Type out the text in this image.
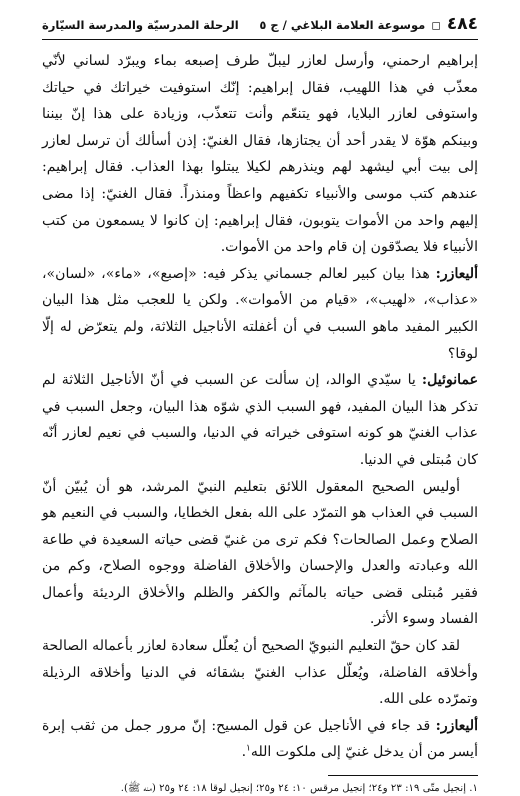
٤٨٤
◻
موسوعة العلامة البلاغي / ج ٥
الرحلة المدرسيّة والمدرسة السيّارة

إبراهيم ارحمني، وأرسل لعازر ليبلّ طرف إصبعه بماء ويبرّد لساني لأنّي معذّب في هذا اللهيب، فقال إبراهيم: إنّك استوفيت خيراتك في حياتك واستوفى لعازر البلايا، فهو يتنعّم وأنت تتعذّب، وزيادة على هذا إنّ بيننا وبينكم هوّة لا يقدر أحد أن يجتازها، فقال الغنيّ: إذن أسألك أن ترسل لعازر إلى بيت أبي ليشهد لهم وينذرهم لكيلا يبتلوا بهذا العذاب. فقال إبراهيم: عندهم كتب موسى والأنبياء تكفيهم واعظاً ومنذراً. فقال الغنيّ: إذا مضى إليهم واحد من الأموات يتوبون، فقال إبراهيم: إن كانوا لا يسمعون من كتب الأنبياء فلا يصدّقون إن قام واحد من الأموات.

أليعازر: هذا بيان كبير لعالم جسماني يذكر فيه: «إصبع»، «ماء»، «لسان»، «عذاب»، «لهيب»، «قيام من الأموات». ولكن يا للعجب مثل هذا البيان الكبير المفيد ماهو السبب في أن أغفلته الأناجيل الثلاثة، ولم يتعرّض له إلّا لوقا؟

عمانوئيل: يا سيّدي الوالد، إن سألت عن السبب في أنّ الأناجيل الثلاثة لم تذكر هذا البيان المفيد، فهو السبب الذي شوّه هذا البيان، وجعل السبب في عذاب الغنيّ هو كونه استوفى خيراته في الدنيا، والسبب في نعيم لعازر أنّه كان مُبتلى في الدنيا.

أوليس الصحيح المعقول اللائق بتعليم النبيّ المرشد، هو أن يُبيّن أنّ السبب في العذاب هو التمرّد على الله بفعل الخطايا، والسبب في النعيم هو الصلاح وعمل الصالحات؟ فكم ترى من غنيّ قضى حياته السعيدة في طاعة الله وعبادته والعدل والإحسان والأخلاق الفاضلة ووجوه الصلاح، وكم من فقير مُبتلى قضى حياته بالمآثم والكفر والظلم والأخلاق الرديئة وأعمال الفساد وسوء الأثر.

لقد كان حقّ التعليم النبويّ الصحيح أن يُعلّل سعادة لعازر بأعماله الصالحة وأخلاقه الفاضلة، ويُعلّل عذاب الغنيّ بشقائه في الدنيا وأخلاقه الرذيلة وتمرّده على الله.

أليعازر: قد جاء في الأناجيل عن قول المسيح: إنّ مرور جمل من ثقب إبرة أيسر من أن يدخل غنيّ إلى ملكوت الله$^١$.

١. إنجيل متّى ١٩: ٢٣ و٢٤؛ إنجيل مرقس ١٠: ٢٤ و٢٥؛ إنجيل لوقا ١٨: ٢٤ و٢٥ (منه ﷺ).
